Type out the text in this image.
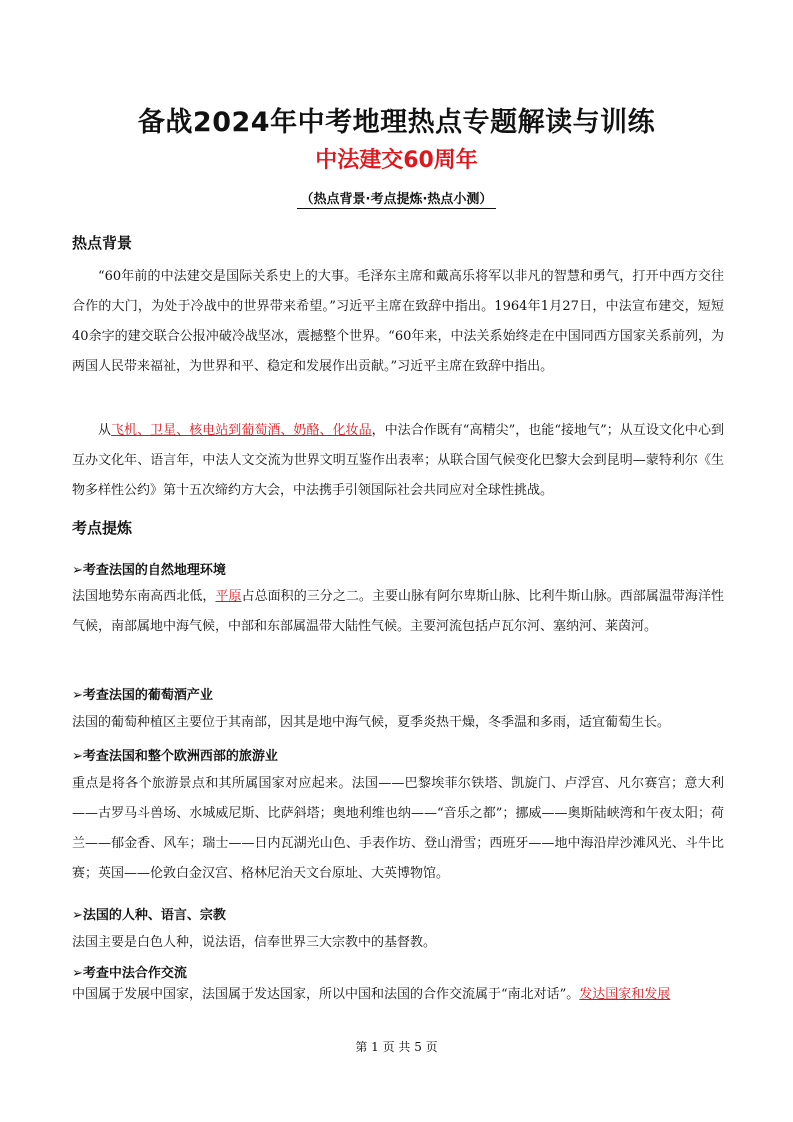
备战2024年中考地理热点专题解读与训练
中法建交60周年
（热点背景·考点提炼·热点小测）
热点背景
“60年前的中法建交是国际关系史上的大事。毛泽东主席和戴高乐将军以非凡的智慧和勇气，打开中西方交往合作的大门，为处于冷战中的世界带来希望。”习近平主席在致辞中指出。1964年1月27日，中法宣布建交，短短40余字的建交联合公报冲破冷战坚冰，震撼整个世界。“60年来，中法关系始终走在中国同西方国家关系前列，为两国人民带来福祉，为世界和平、稳定和发展作出贡献。”习近平主席在致辞中指出。
从飞机、卫星、核电站到葡萄酒、奶酪、化妆品，中法合作既有“高精尖”，也能“接地气”；从互设文化中心到互办文化年、语言年，中法人文交流为世界文明互鉴作出表率；从联合国气候变化巴黎大会到昆明—蒙特利尔《生物多样性公约》第十五次缔约方大会，中法携手引领国际社会共同应对全球性挑战。
考点提炼
➢考查法国的自然地理环境
法国地势东南高西北低，平原占总面积的三分之二。主要山脉有阿尔卑斯山脉、比利牛斯山脉。西部属温带海洋性气候，南部属地中海气候，中部和东部属温带大陆性气候。主要河流包括卢瓦尔河、塞纳河、莱茵河。
➢考查法国的葡萄酒产业
法国的葡萄种植区主要位于其南部，因其是地中海气候，夏季炎热干燥，冬季温和多雨，适宜葡萄生长。
➢考查法国和整个欧洲西部的旅游业
重点是将各个旅游景点和其所属国家对应起来。法国——巴黎埃菲尔铁塔、凯旋门、卢浮宫、凡尔赛宫；意大利——古罗马斗兽场、水城威尼斯、比萨斜塔；奥地利维也纳——“音乐之都”；挪威——奥斯陆峡湾和午夜太阳；荷兰——郁金香、风车；瑞士——日内瓦湖光山色、手表作坊、登山滑雪；西班牙——地中海沿岸沙滩风光、斗牛比赛；英国——伦敦白金汉宫、格林尼治天文台原址、大英博物馆。
➢法国的人种、语言、宗教
法国主要是白色人种，说法语，信奉世界三大宗教中的基督教。
➢考查中法合作交流
中国属于发展中国家，法国属于发达国家，所以中国和法国的合作交流属于“南北对话”。发达国家和发展
第 1 页 共 5 页
